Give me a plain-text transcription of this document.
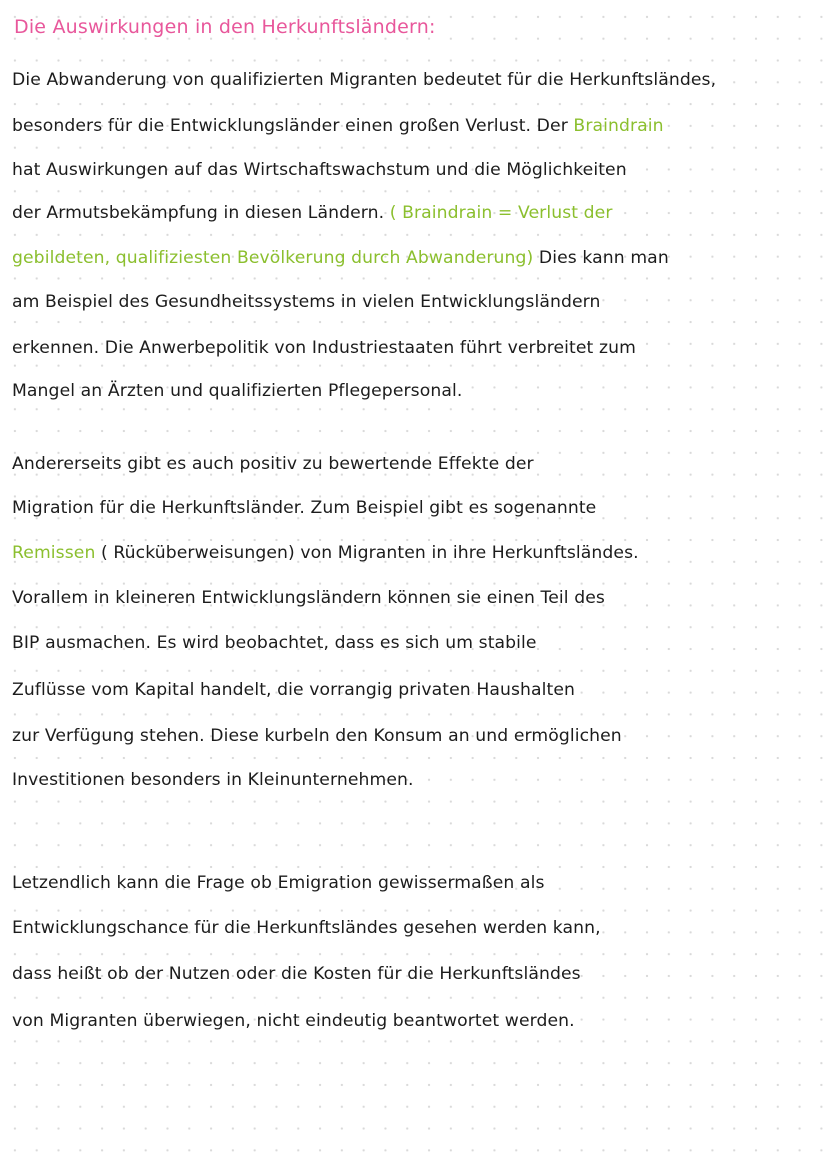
Die Auswirkungen in den Herkunftsländern:
Die Abwanderung von qualifizierten Migranten bedeutet für die Herkunftsländes,
besonders für die Entwicklungsländer einen großen Verlust. Der Braindrain
hat Auswirkungen auf das Wirtschaftswachstum und die Möglichkeiten
der Armutsbekämpfung in diesen Ländern. ( Braindrain = Verlust der
gebildeten, qualifiziesten Bevölkerung durch Abwanderung) Dies kann man
am Beispiel des Gesundheitssystems in vielen Entwicklungsländern
erkennen. Die Anwerbepolitik von Industriestaaten führt verbreitet zum
Mangel an Ärzten und qualifizierten Pflegepersonal.
Andererseits gibt es auch positiv zu bewertende Effekte der
Migration für die Herkunftsländer. Zum Beispiel gibt es sogenannte
Remissen ( Rücküberweisungen) von Migranten in ihre Herkunftsländes.
Vorallem in kleineren Entwicklungsländern können sie einen Teil des
BIP ausmachen. Es wird beobachtet, dass es sich um stabile
Zuflüsse vom Kapital handelt, die vorrangig privaten Haushalten
zur Verfügung stehen. Diese kurbeln den Konsum an und ermöglichen
Investitionen besonders in Kleinunternehmen.
Letzendlich kann die Frage ob Emigration gewissermaßen als
Entwicklungschance für die Herkunftsländes gesehen werden kann,
dass heißt ob der Nutzen oder die Kosten für die Herkunftsländes
von Migranten überwiegen, nicht eindeutig beantwortet werden.
